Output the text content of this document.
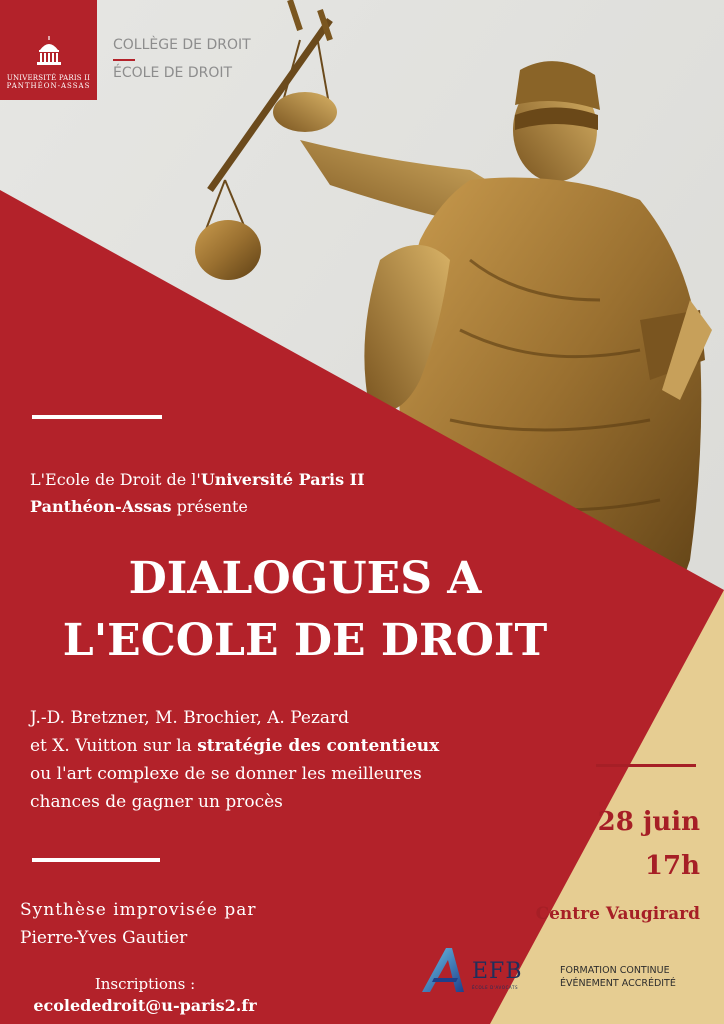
UNIVERSITÉ PARIS II
PANTHÉON-ASSAS
COLLÈGE DE DROIT
ÉCOLE DE DROIT
L'Ecole de Droit de l'Université Paris II Panthéon-Assas présente
DIALOGUES A
L'ECOLE DE DROIT
J.-D. Bretzner, M. Brochier, A. Pezard
et X. Vuitton sur la stratégie des contentieux
ou l'art complexe de se donner les meilleures
chances de gagner un procès
Synthèse improvisée par
Pierre-Yves Gautier
Inscriptions :
ecolededroit@u-paris2.fr
28 juin
17h
Centre Vaugirard
EFB
ÉCOLE D'AVOCATS
FORMATION CONTINUE
ÉVÉNEMENT ACCRÉDITÉ
